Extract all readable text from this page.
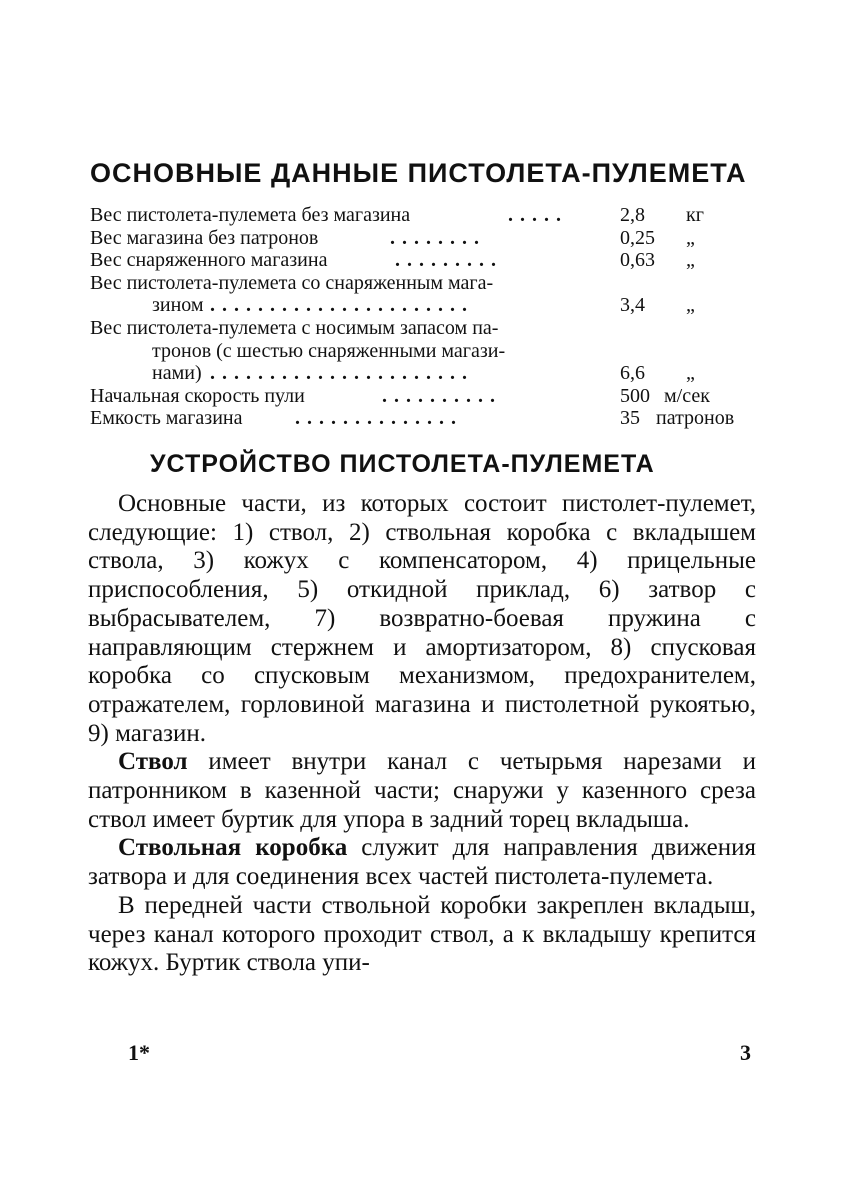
ОСНОВНЫЕ ДАННЫЕ ПИСТОЛЕТА-ПУЛЕМЕТА
Вес пистолета-пулемета без магазина	. . . . .	2,8 кг
Вес магазина без патронов	. . . . . . . .	0,25 „
Вес снаряженного магазина	. . . . . . . . .	0,63 „
Вес пистолета-пулемета со снаряженным мага-
зином . . . . . . . . . . . . . . . . . . . . . .	3,4 „
Вес пистолета-пулемета с носимым запасом па-
тронов (с шестью снаряженными магази-
нами) . . . . . . . . . . . . . . . . . . . . . .	6,6 „
Начальная скорость пули	. . . . . . . . . .	500 м/сек
Емкость магазина	. . . . . . . . . . . . . .	35 патронов
УСТРОЙСТВО ПИСТОЛЕТА-ПУЛЕМЕТА

Основные части, из которых состоит пистолет-пулемет, следующие: 1) ствол, 2) ствольная коробка с вкладышем ствола, 3) кожух с компенсатором, 4) прицельные приспособления, 5) откидной приклад, 6) затвор с выбрасывателем, 7) возвратно-боевая пружина с направляющим стержнем и амортизатором, 8) спусковая коробка со спусковым механизмом, предохранителем, отражателем, горловиной магазина и пистолетной рукоятью, 9) магазин.

Ствол имеет внутри канал с четырьмя нарезами и патронником в казенной части; снаружи у казенного среза ствол имеет буртик для упора в задний торец вкладыша.

Ствольная коробка служит для направления движения затвора и для соединения всех частей пистолета-пулемета.

В передней части ствольной коробки закреплен вкладыш, через канал которого проходит ствол, а к вкладышу крепится кожух. Буртик ствола упи-

1*	3
